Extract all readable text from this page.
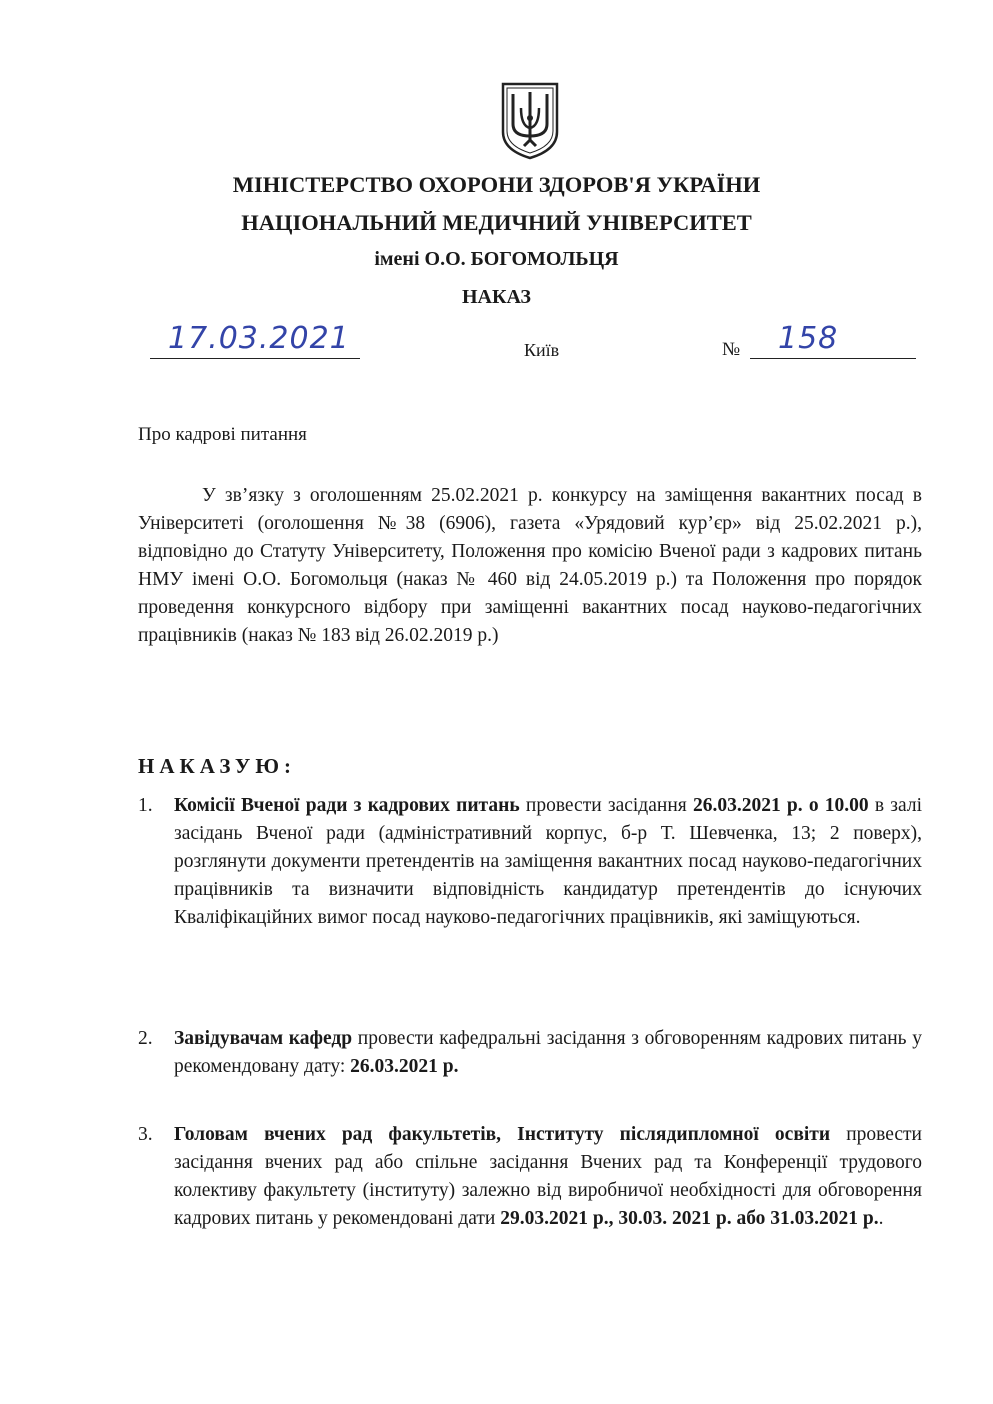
МІНІСТЕРСТВО ОХОРОНИ ЗДОРОВ'Я УКРАЇНИ
НАЦІОНАЛЬНИЙ МЕДИЧНИЙ УНІВЕРСИТЕТ
імені О.О. БОГОМОЛЬЦЯ
НАКАЗ
17.03.2021	Київ	№ 158
Про кадрові питання

У зв’язку з оголошенням 25.02.2021 р. конкурсу на заміщення вакантних посад в Університеті (оголошення №38 (6906), газета «Урядовий кур’єр» від 25.02.2021 р.), відповідно до Статуту Університету, Положення про комісію Вченої ради з кадрових питань НМУ імені О.О. Богомольця (наказ № 460 від 24.05.2019 р.) та Положення про порядок проведення конкурсного відбору при заміщенні вакантних посад науково-педагогічних працівників (наказ № 183 від 26.02.2019 р.)

НАКАЗУЮ:
1. Комісії Вченої ради з кадрових питань провести засідання 26.03.2021 р. о 10.00 в залі засідань Вченої ради (адміністративний корпус, б-р Т. Шевченка, 13; 2 поверх), розглянути документи претендентів на заміщення вакантних посад науково-педагогічних працівників та визначити відповідність кандидатур претендентів до існуючих Кваліфікаційних вимог посад науково-педагогічних працівників, які заміщуються.
2. Завідувачам кафедр провести кафедральні засідання з обговоренням кадрових питань у рекомендовану дату: 26.03.2021 р.
3. Головам вчених рад факультетів, Інституту післядипломної освіти провести засідання вчених рад або спільне засідання Вчених рад та Конференції трудового колективу факультету (інституту) залежно від виробничої необхідності для обговорення кадрових питань у рекомендовані дати 29.03.2021 р., 30.03. 2021 р. або 31.03.2021 р..
